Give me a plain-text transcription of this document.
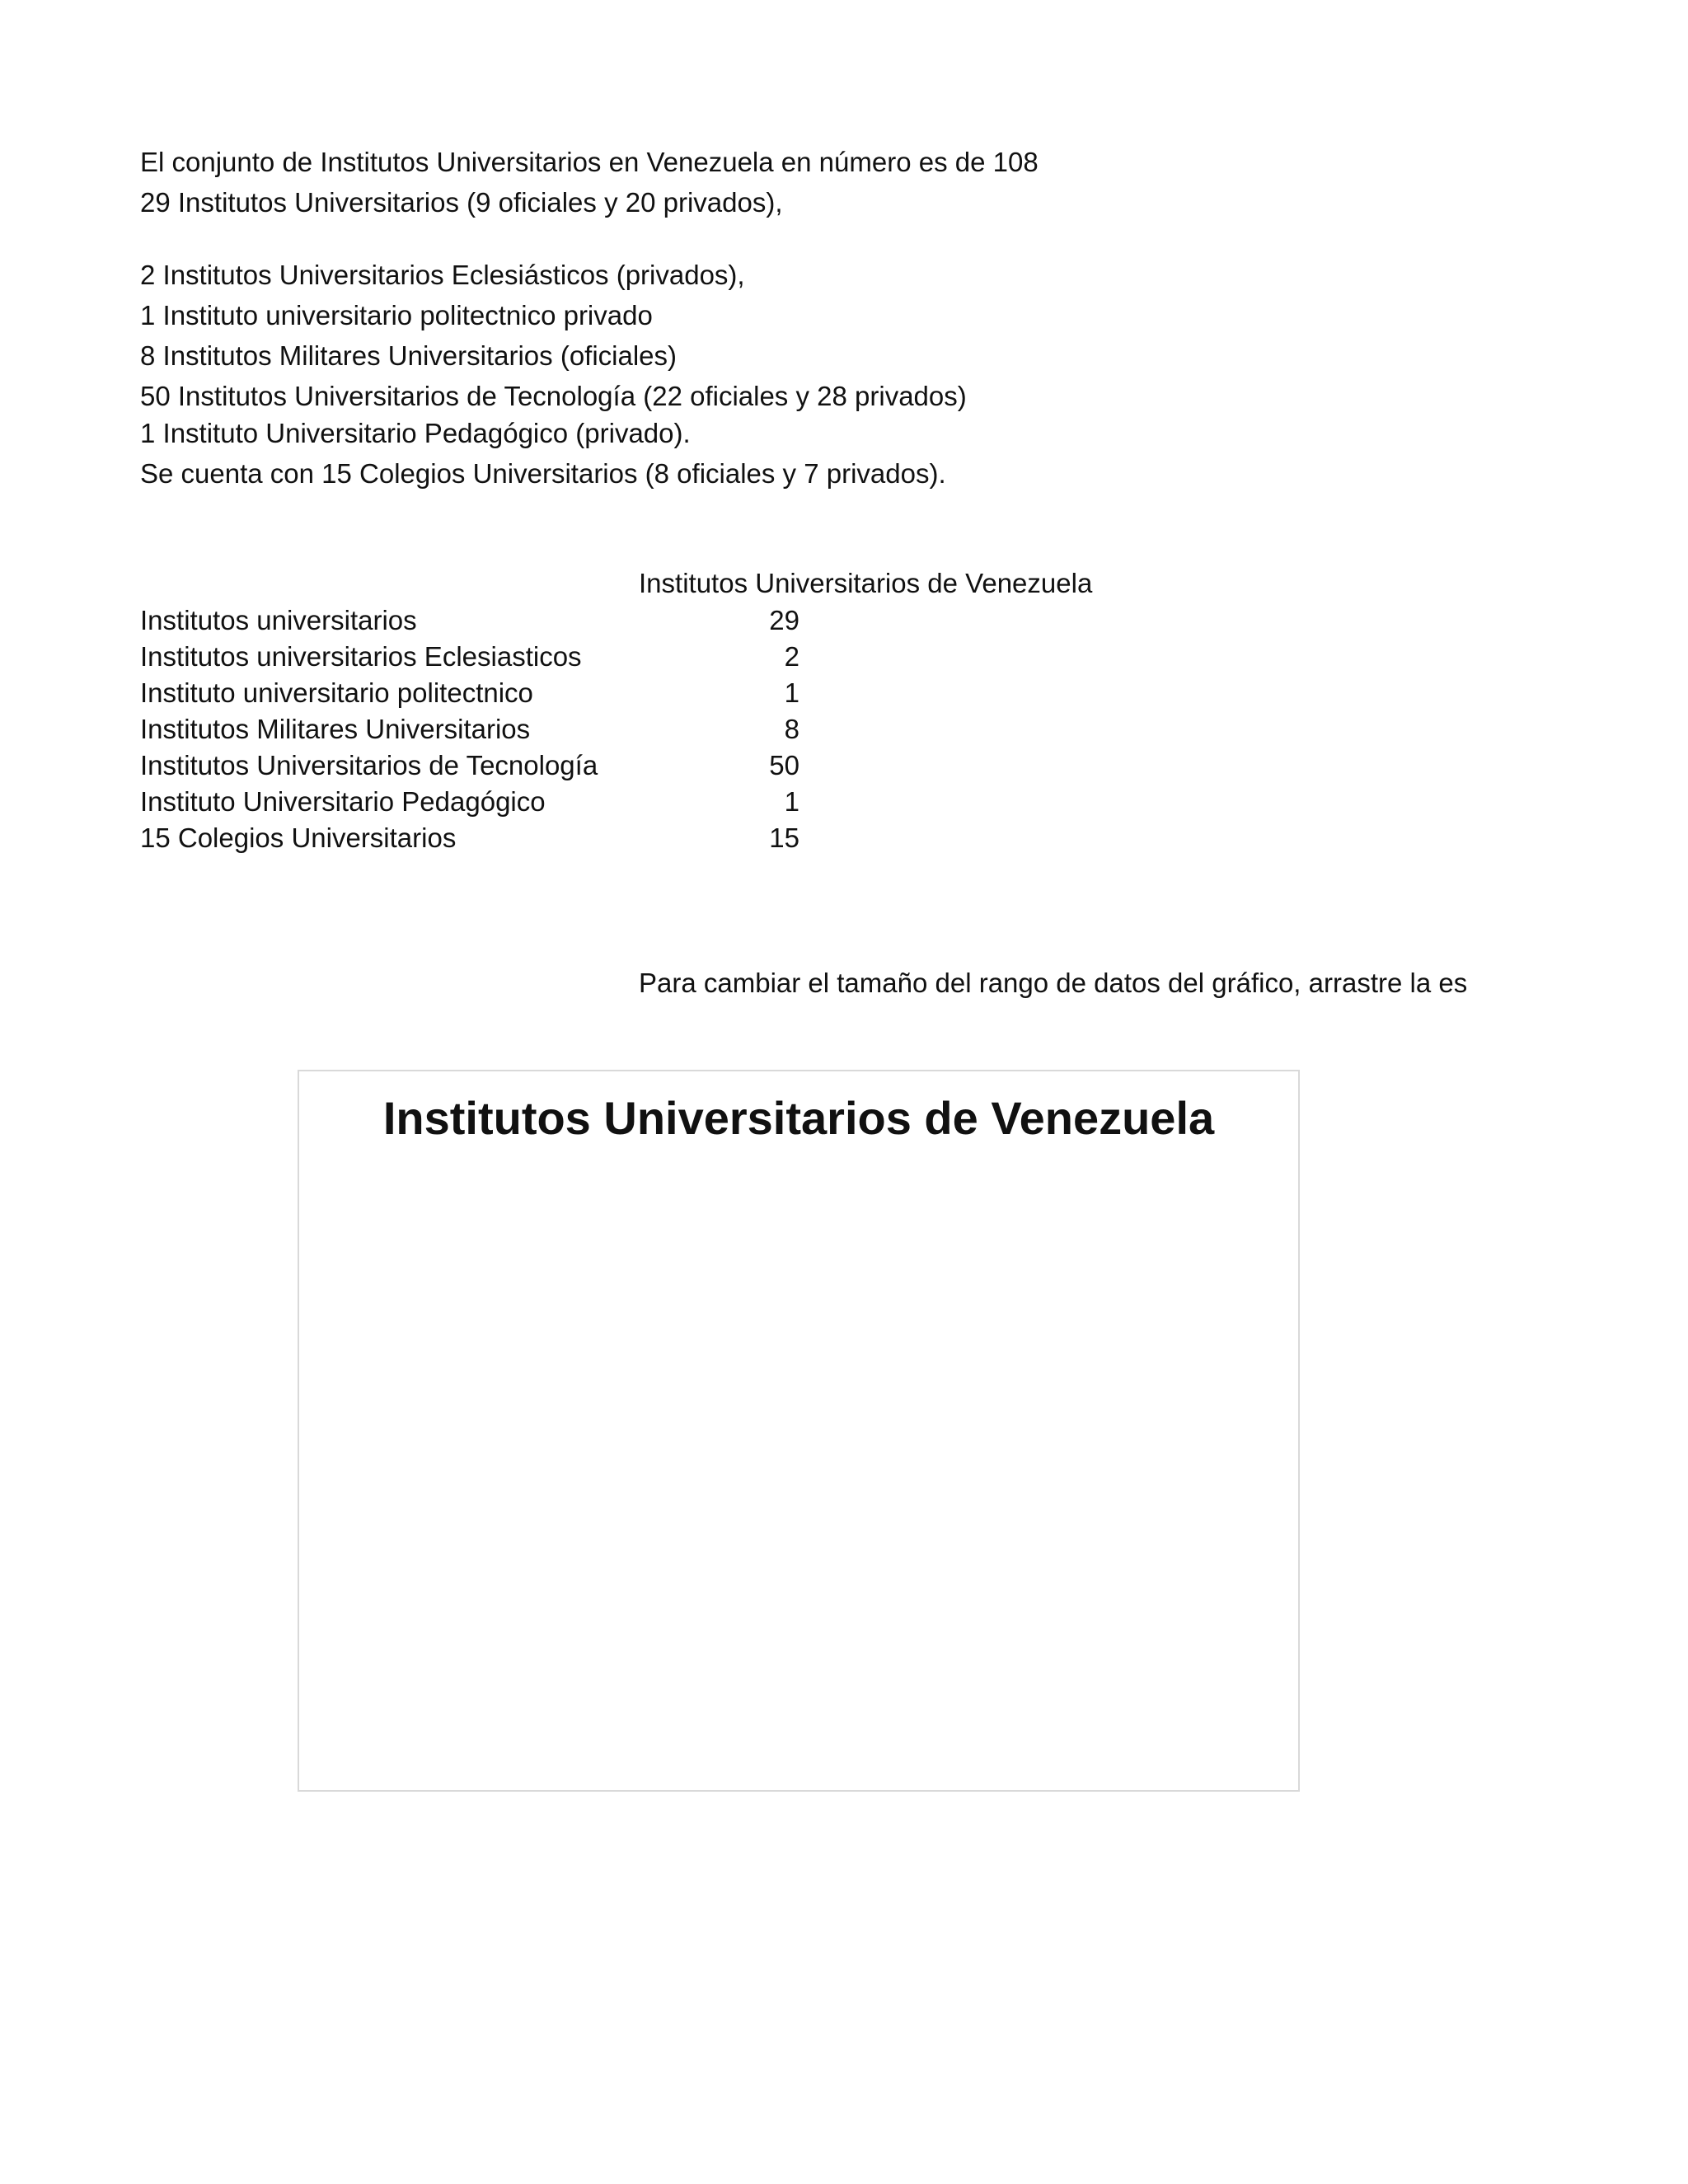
El conjunto de Institutos Universitarios en Venezuela en número es de 108
29 Institutos Universitarios (9 oficiales y 20 privados),
2 Institutos Universitarios Eclesiásticos (privados),
1 Instituto universitario politectnico privado
8 Institutos Militares Universitarios (oficiales)
50 Institutos Universitarios de Tecnología (22 oficiales y 28 privados)
1 Instituto Universitario Pedagógico (privado).
Se cuenta con 15 Colegios Universitarios (8 oficiales y 7 privados).
Institutos Universitarios de Venezuela
Institutos universitarios	29
Institutos universitarios Eclesiasticos	2
Instituto universitario politectnico	1
Institutos Militares Universitarios	8
Institutos Universitarios de Tecnología	50
Instituto Universitario Pedagógico	1
15 Colegios Universitarios	15
Para cambiar el tamaño del rango de datos del gráfico, arrastre la es
Institutos Universitarios de Venezuela
